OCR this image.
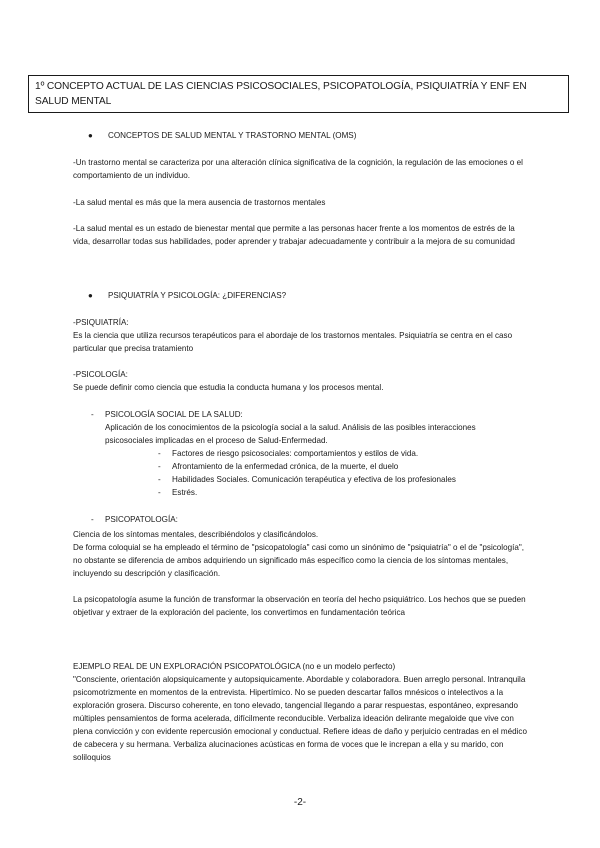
1º CONCEPTO ACTUAL DE LAS CIENCIAS PSICOSOCIALES, PSICOPATOLOGÍA, PSIQUIATRÍA Y ENF EN SALUD MENTAL
● CONCEPTOS DE SALUD MENTAL Y TRASTORNO MENTAL (OMS)
-Un trastorno mental se caracteriza por una alteración clínica significativa de la cognición, la regulación de las emociones o el comportamiento de un individuo.
-La salud mental es más que la mera ausencia de trastornos mentales
-La salud mental es un estado de bienestar mental que permite a las personas hacer frente a los momentos de estrés de la vida, desarrollar todas sus habilidades, poder aprender y trabajar adecuadamente y contribuir a la mejora de su comunidad
● PSIQUIATRÍA Y PSICOLOGÍA: ¿DIFERENCIAS?
-PSIQUIATRÍA:
Es la ciencia que utiliza recursos terapéuticos para el abordaje de los trastornos mentales. Psiquiatría se centra en el caso particular que precisa tratamiento
-PSICOLOGÍA:
Se puede definir como ciencia que estudia la conducta humana y los procesos mental.
- PSICOLOGÍA SOCIAL DE LA SALUD:
Aplicación de los conocimientos de la psicología social a la salud. Análisis de las posibles interacciones psicosociales implicadas en el proceso de Salud-Enfermedad.
- Factores de riesgo psicosociales: comportamientos y estilos de vida.
- Afrontamiento de la enfermedad crónica, de la muerte, el duelo
- Habilidades Sociales. Comunicación terapéutica y efectiva de los profesionales
- Estrés.
- PSICOPATOLOGÍA:
Ciencia de los síntomas mentales, describiéndolos y clasificándolos.
De forma coloquial se ha empleado el término de "psicopatología" casi como un sinónimo de "psiquiatría" o el de "psicología", no obstante se diferencia de ambos adquiriendo un significado más específico como la ciencia de los síntomas mentales, incluyendo su descripción y clasificación.
La psicopatología asume la función de transformar la observación en teoría del hecho psiquiátrico. Los hechos que se pueden objetivar y extraer de la exploración del paciente, los convertimos en fundamentación teórica
EJEMPLO REAL DE UN EXPLORACIÓN PSICOPATOLÓGICA (no e un modelo perfecto)
"Consciente, orientación alopsiquicamente y autopsiquicamente. Abordable y colaboradora. Buen arreglo personal. Intranquila psicomotrizmente en momentos de la entrevista. Hipertímico. No se pueden descartar fallos mnésicos o intelectivos a la exploración grosera. Discurso coherente, en tono elevado, tangencial llegando a parar respuestas, espontáneo, expresando múltiples pensamientos de forma acelerada, difícilmente reconducible. Verbaliza ideación delirante megaloide que vive con plena convicción y con evidente repercusión emocional y conductual. Refiere ideas de daño y perjuicio centradas en el médico de cabecera y su hermana. Verbaliza alucinaciones acústicas en forma de voces que le increpan a ella y su marido, con soliloquios
-2-
